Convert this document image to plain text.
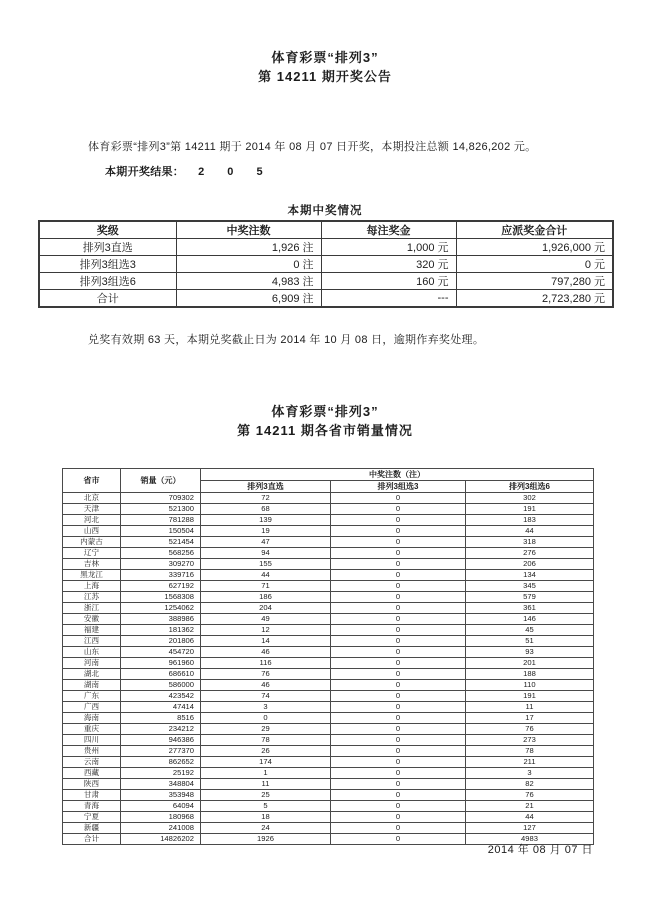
体育彩票“排列3”
第 14211 期开奖公告
体育彩票“排列3”第 14211 期于 2014 年 08 月 07 日开奖，本期投注总额 14,826,202 元。
本期开奖结果： 2 0 5
本期中奖情况
奖级	中奖注数	每注奖金	应派奖金合计
排列3直选	1,926 注	1,000 元	1,926,000 元
排列3组选3	0 注	320 元	0 元
排列3组选6	4,983 注	160 元	797,280 元
合计	6,909 注	---	2,723,280 元
兑奖有效期 63 天，本期兑奖截止日为 2014 年 10 月 08 日，逾期作弃奖处理。
体育彩票“排列3”
第 14211 期各省市销量情况
省市	销量（元）	中奖注数（注）		
		排列3直选	排列3组选3	排列3组选6
北京	709302	72	0	302
天津	521300	68	0	191
河北	781288	139	0	183
山西	150504	19	0	44
内蒙古	521454	47	0	318
辽宁	568256	94	0	276
吉林	309270	155	0	206
黑龙江	339716	44	0	134
上海	627192	71	0	345
江苏	1568308	186	0	579
浙江	1254062	204	0	361
安徽	388986	49	0	146
福建	181362	12	0	45
江西	201806	14	0	51
山东	454720	46	0	93
河南	961960	116	0	201
湖北	686610	76	0	188
湖南	586000	46	0	110
广东	423542	74	0	191
广西	47414	3	0	11
海南	8516	0	0	17
重庆	234212	29	0	76
四川	946386	78	0	273
贵州	277370	26	0	78
云南	862652	174	0	211
西藏	25192	1	0	3
陕西	348804	11	0	82
甘肃	353948	25	0	76
青海	64094	5	0	21
宁夏	180968	18	0	44
新疆	241008	24	0	127
合计	14826202	1926	0	4983
2014 年 08 月 07 日
